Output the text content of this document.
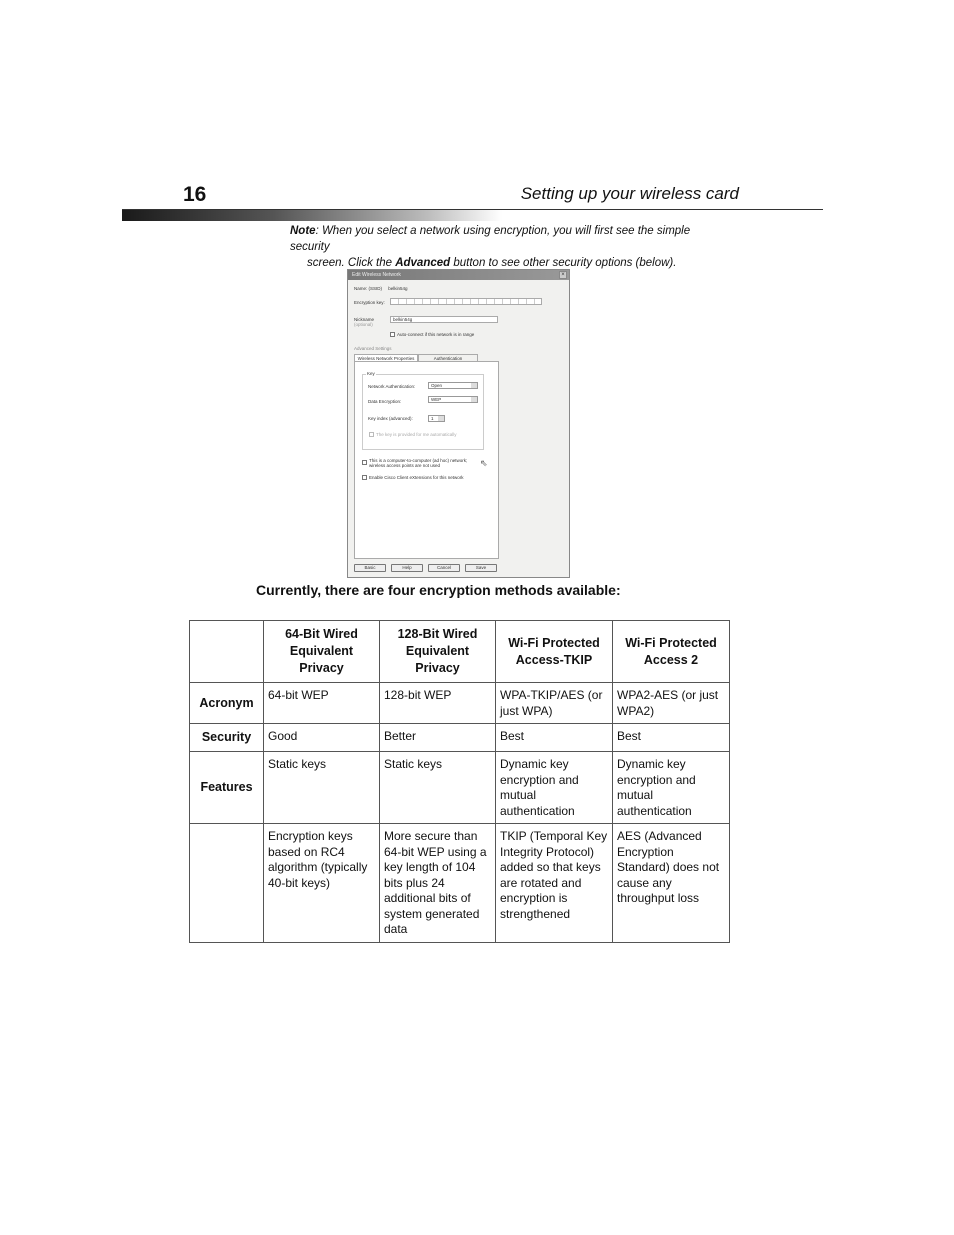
16	Setting up your wireless card
Note: When you select a network using encryption, you will first see the simple security
screen. Click the Advanced button to see other security options (below).
Edit Wireless Network	×
Name: (SSID) belkin54g
Encryption key:
Nickname
(optional)
belkin54g
Auto-connect if this network is in range
Advanced Settings
Wireless Network Properties	Authentication
Key
Network Authentication:	Open
Data Encryption:	WEP
Key index (advanced):	1
The key is provided for me automatically
This is a computer-to-computer (ad hoc) network;
wireless access points are not used	⇖
Enable Cisco Client eXtensions for this network
Basic	Help	Cancel	Save
Currently, there are four encryption methods available:
	64-Bit Wired Equivalent Privacy	128-Bit Wired Equivalent Privacy	Wi-Fi Protected Access-TKIP	Wi-Fi Protected Access 2
Acronym	64-bit WEP	128-bit WEP	WPA-TKIP/AES (or just WPA)	WPA2-AES (or just WPA2)
Security	Good	Better	Best	Best
Features	Static keys	Static keys	Dynamic key encryption and mutual authentication	Dynamic key encryption and mutual authentication
	Encryption keys based on RC4 algorithm (typically 40-bit keys)	More secure than 64-bit WEP using a key length of 104 bits plus 24 additional bits of system generated data	TKIP (Temporal Key Integrity Protocol) added so that keys are rotated and encryption is strengthened	AES (Advanced Encryption Standard) does not cause any throughput loss
